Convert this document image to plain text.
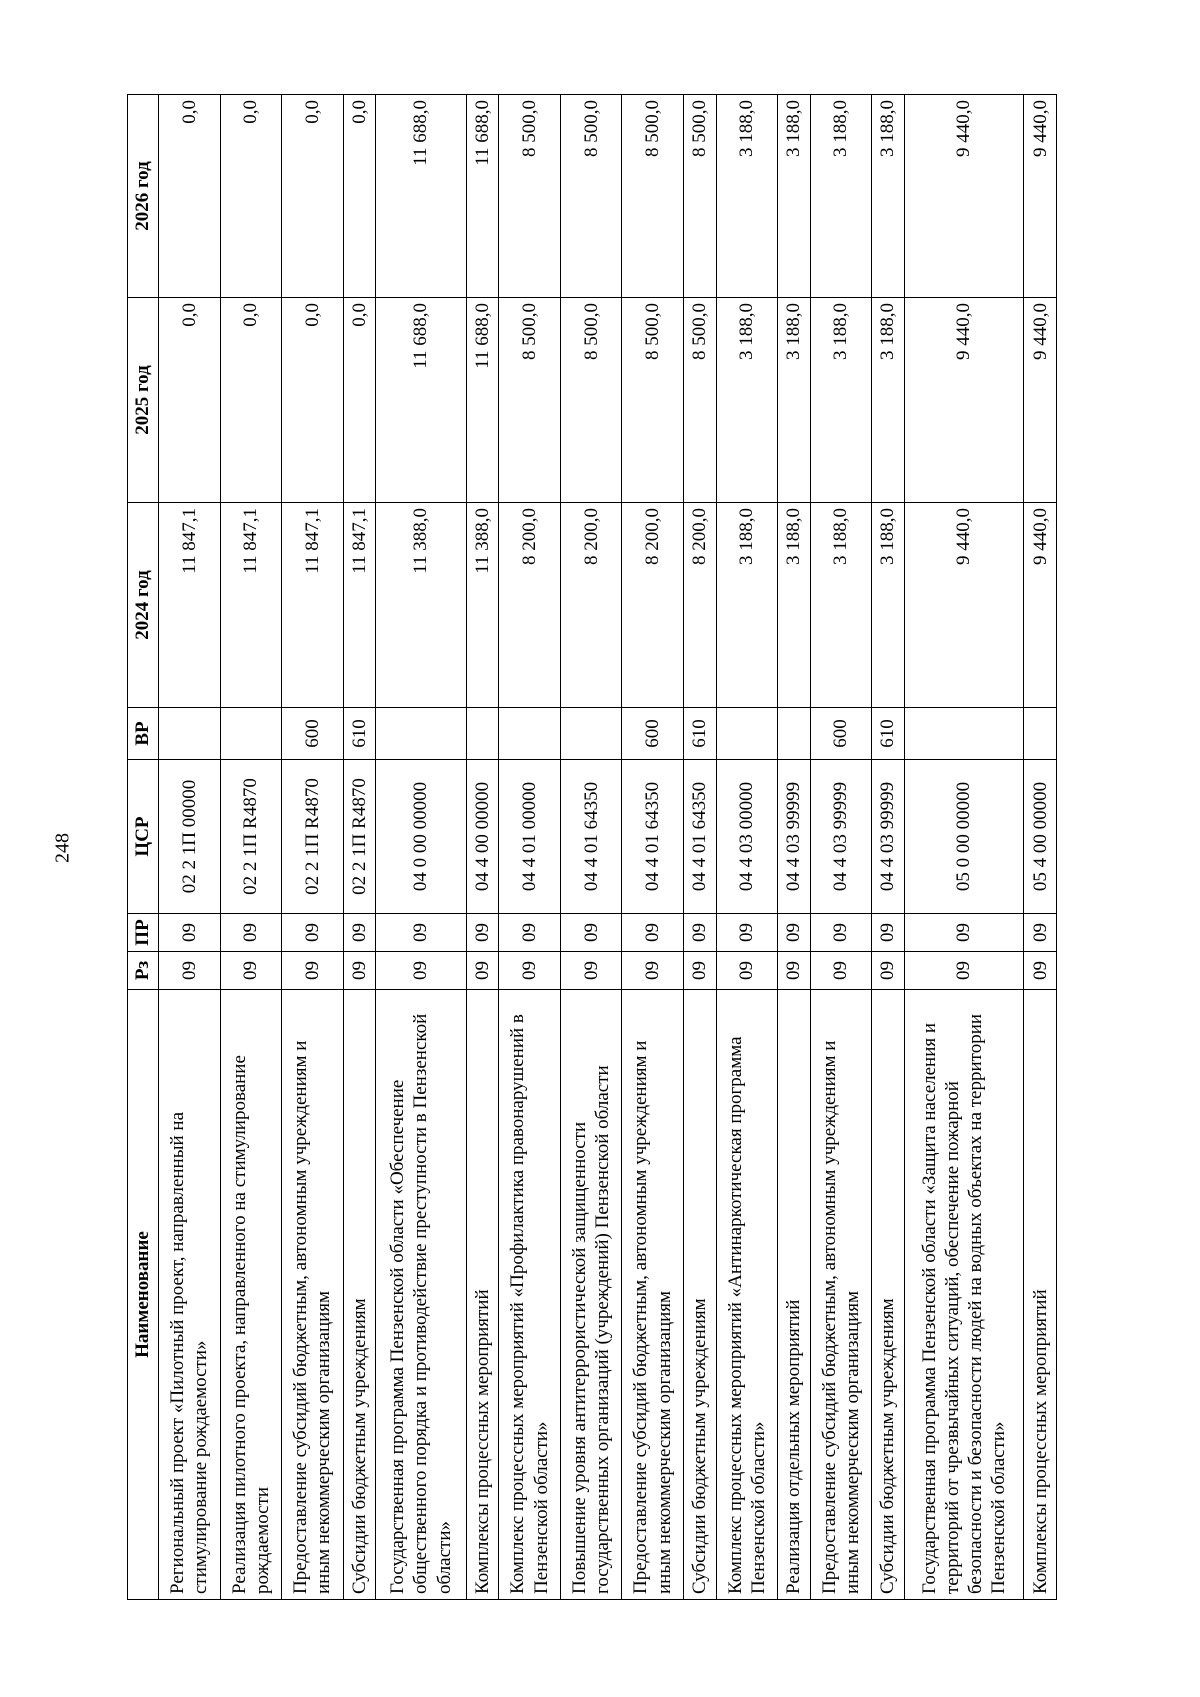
248
Наименование	Рз	ПР	ЦСР	ВР	2024 год	2025 год	2026 год
Региональный проект «Пилотный проект, направленный на стимулирование рождаемости»	09	09	02 2 1П 00000		11 847,1	0,0	0,0
Реализация пилотного проекта, направленного на стимулирование рождаемости	09	09	02 2 1П R4870		11 847,1	0,0	0,0
Предоставление субсидий бюджетным, автономным учреждениям и иным некоммерческим организациям	09	09	02 2 1П R4870	600	11 847,1	0,0	0,0
Субсидии бюджетным учреждениям	09	09	02 2 1П R4870	610	11 847,1	0,0	0,0
Государственная программа Пензенской области «Обеспечение общественного порядка и противодействие преступности в Пензенской области»	09	09	04 0 00 00000		11 388,0	11 688,0	11 688,0
Комплексы процессных мероприятий	09	09	04 4 00 00000		11 388,0	11 688,0	11 688,0
Комплекс процессных мероприятий «Профилактика правонарушений в Пензенской области»	09	09	04 4 01 00000		8 200,0	8 500,0	8 500,0
Повышение уровня антитеррористической защищенности государственных организаций (учреждений) Пензенской области	09	09	04 4 01 64350		8 200,0	8 500,0	8 500,0
Предоставление субсидий бюджетным, автономным учреждениям и иным некоммерческим организациям	09	09	04 4 01 64350	600	8 200,0	8 500,0	8 500,0
Субсидии бюджетным учреждениям	09	09	04 4 01 64350	610	8 200,0	8 500,0	8 500,0
Комплекс процессных мероприятий «Антинаркотическая программа Пензенской области»	09	09	04 4 03 00000		3 188,0	3 188,0	3 188,0
Реализация отдельных мероприятий	09	09	04 4 03 99999		3 188,0	3 188,0	3 188,0
Предоставление субсидий бюджетным, автономным учреждениям и иным некоммерческим организациям	09	09	04 4 03 99999	600	3 188,0	3 188,0	3 188,0
Субсидии бюджетным учреждениям	09	09	04 4 03 99999	610	3 188,0	3 188,0	3 188,0
Государственная программа Пензенской области «Защита населения и территорий от чрезвычайных ситуаций, обеспечение пожарной безопасности и безопасности людей на водных объектах на территории Пензенской области»	09	09	05 0 00 00000		9 440,0	9 440,0	9 440,0
Комплексы процессных мероприятий	09	09	05 4 00 00000		9 440,0	9 440,0	9 440,0
